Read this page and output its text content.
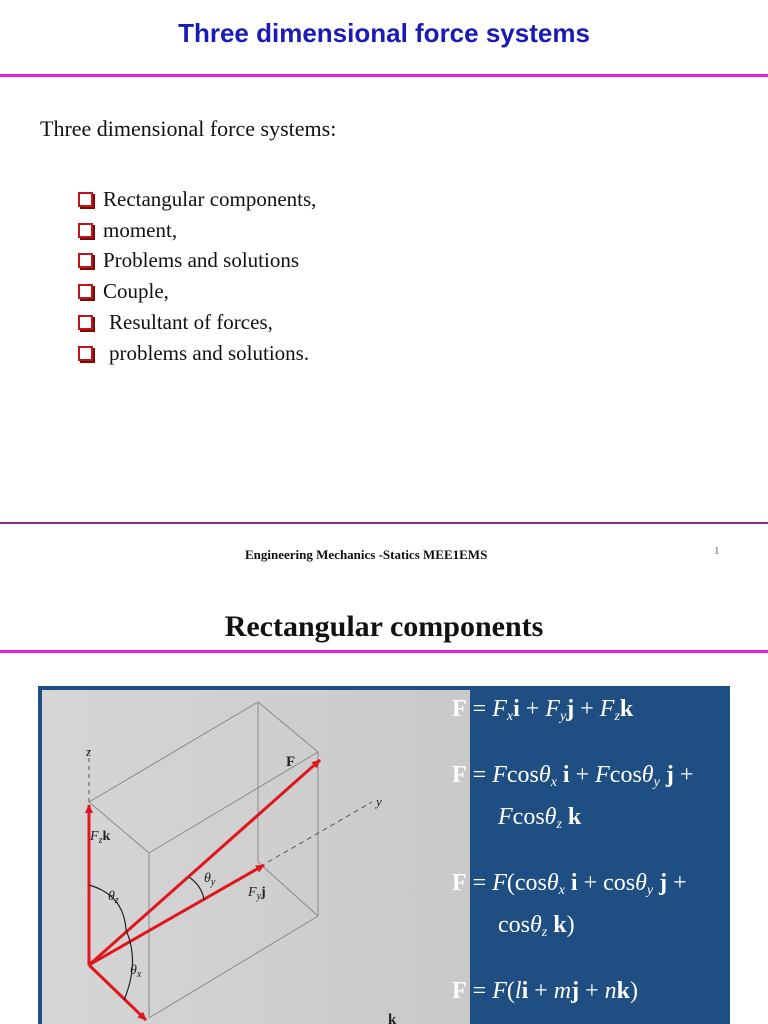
Three dimensional force systems
Three dimensional force systems:
Rectangular components,
moment,
Problems and solutions
Couple,
Resultant of forces,
problems and solutions.
Engineering Mechanics -Statics MEE1EMS	1
Rectangular components
z
y
F
$F_zk$
$F_yj$
$\theta_z$
$\theta_y$
$\theta_x$
k
$F = F_xi + F_yj + F_zk$
F = Fcosθ$_x$ i + Fcosθ$_y$ j +
Fcosθ$_z$ k
F = F(cosθ$_x$ i + cosθ$_y$ j +
cosθ$_z$ k)
F = F(li + mj + nk)
